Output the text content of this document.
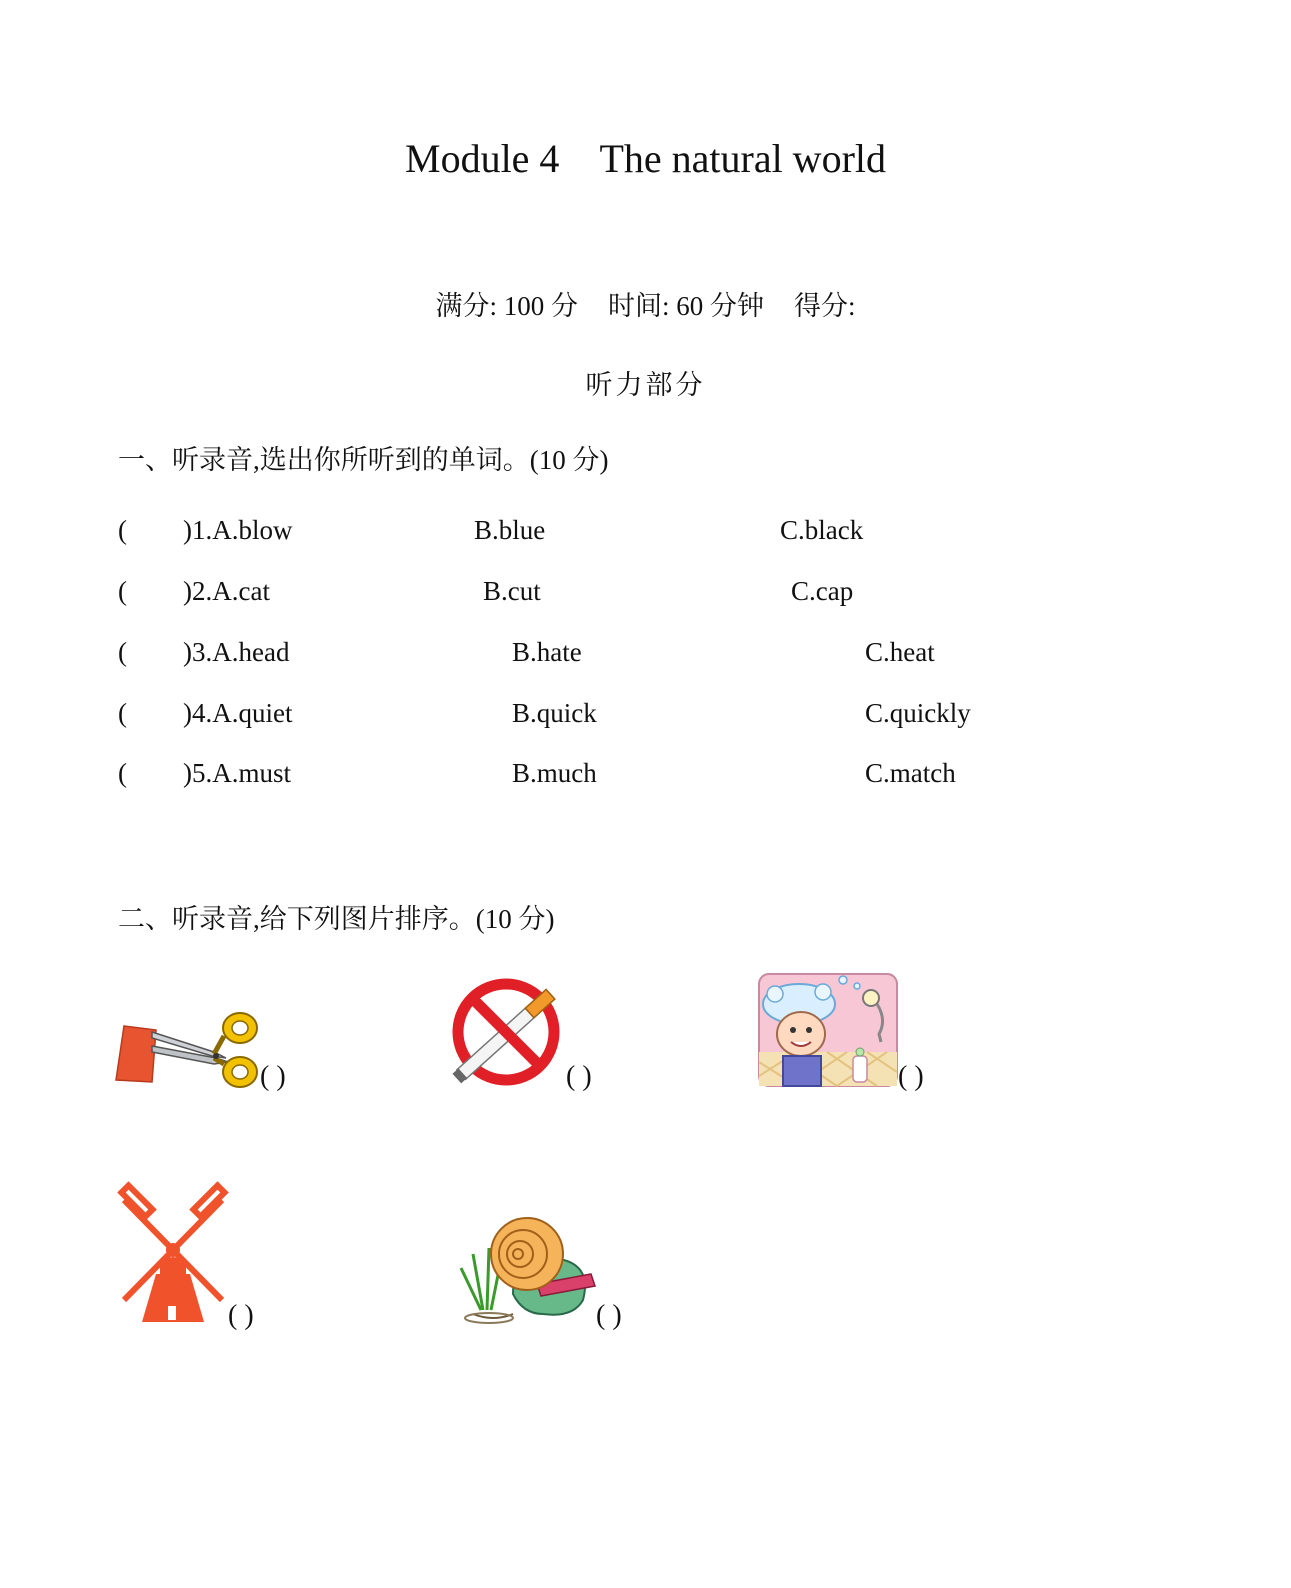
Module 4 The natural world
满分: 100 分 时间: 60 分钟 得分:
听力部分
一、听录音,选出你所听到的单词。(10 分)
( )1.A.blow	B.blue	C.black
( )2.A.cat	B.cut	C.cap
( )3.A.head	B.hate	C.heat
( )4.A.quiet	B.quick	C.quickly
( )5.A.must	B.much	C.match
二、听录音,给下列图片排序。(10 分)
( )	( )	( )
( )	( )
